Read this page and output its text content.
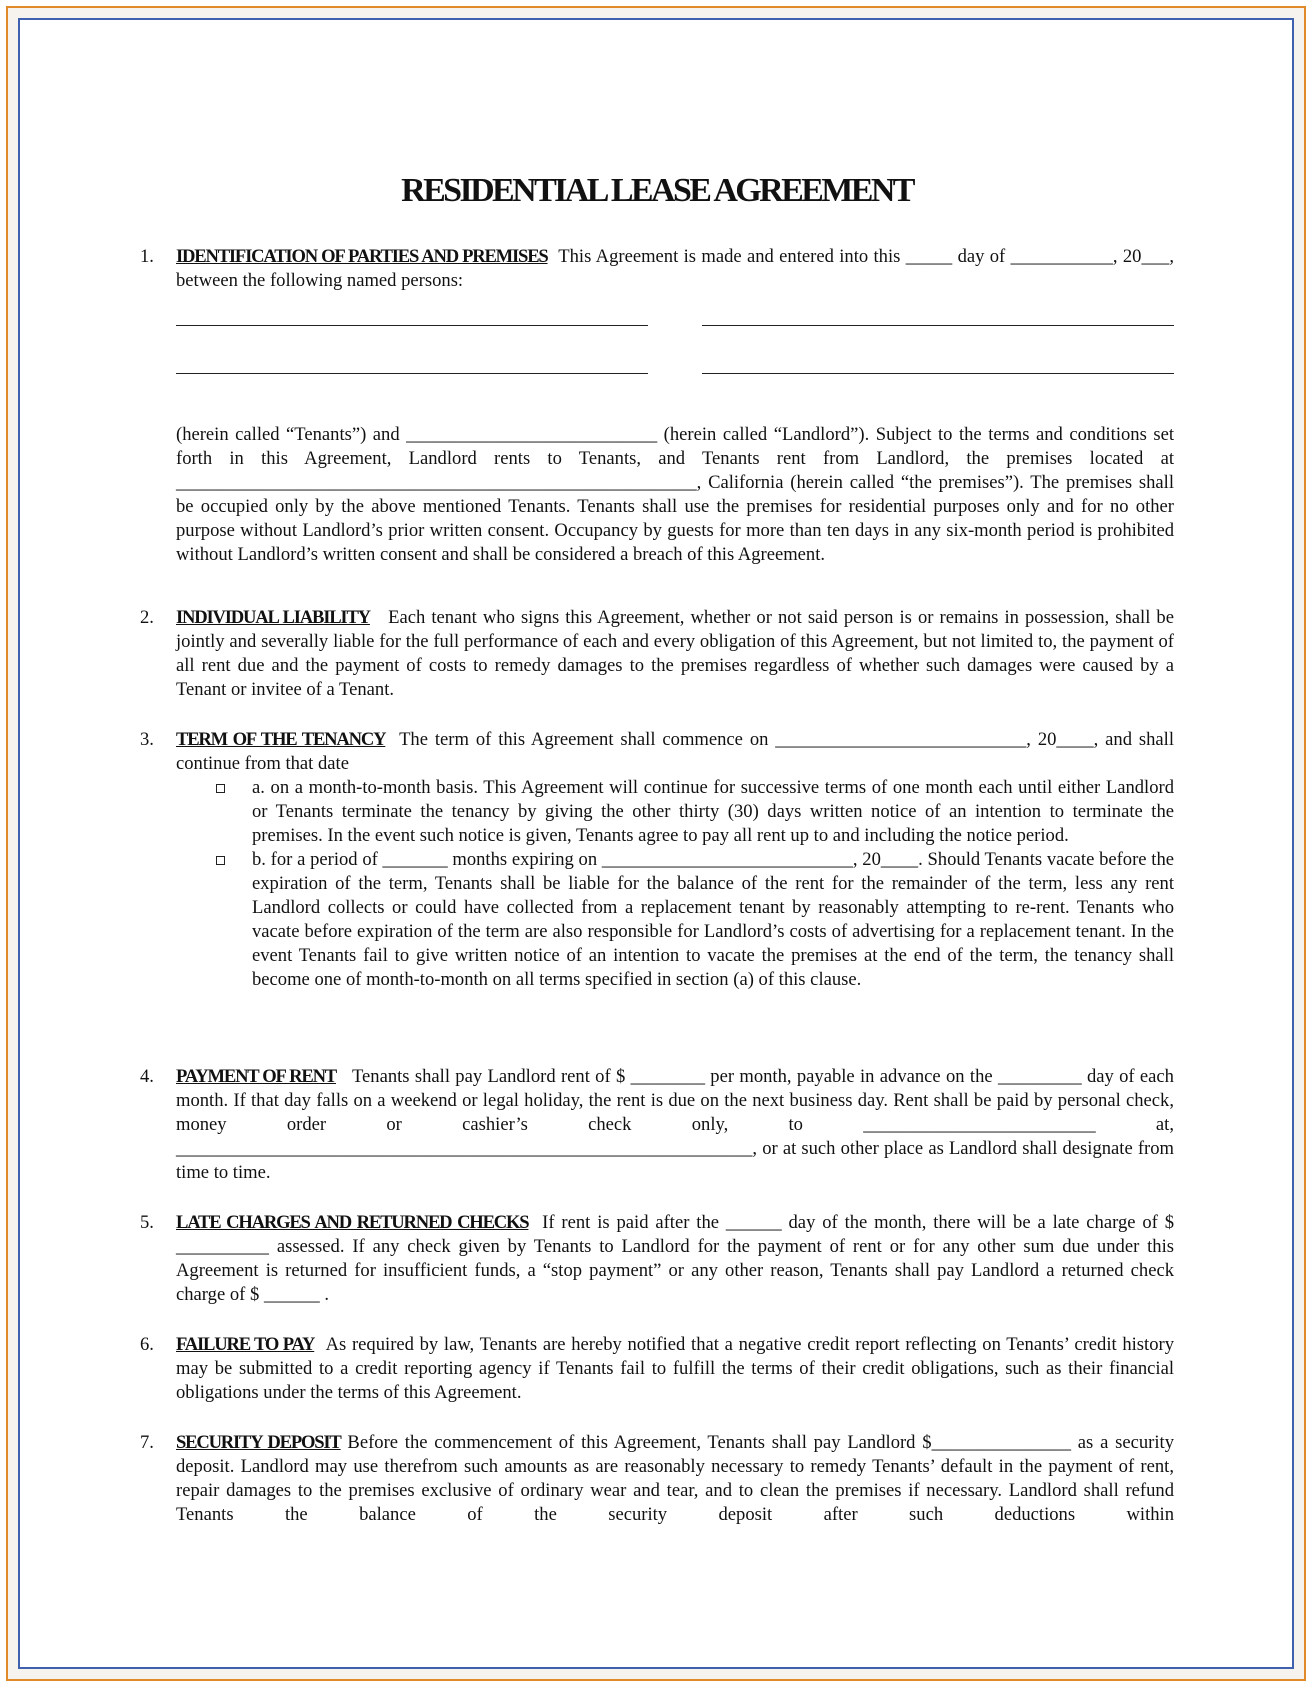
RESIDENTIAL LEASE AGREEMENT
1. IDENTIFICATION OF PARTIES AND PREMISES This Agreement is made and entered into this _____ day of ___________, 20___, between the following named persons:

(herein called “Tenants”) and ___________________________ (herein called “Landlord”). Subject to the terms and conditions set forth in this Agreement, Landlord rents to Tenants, and Tenants rent from Landlord, the premises located at ________________________________________________________, California (herein called “the premises”). The premises shall be occupied only by the above mentioned Tenants. Tenants shall use the premises for residential purposes only and for no other purpose without Landlord’s prior written consent. Occupancy by guests for more than ten days in any six-month period is prohibited without Landlord’s written consent and shall be considered a breach of this Agreement.

2. INDIVIDUAL LIABILITY Each tenant who signs this Agreement, whether or not said person is or remains in possession, shall be jointly and severally liable for the full performance of each and every obligation of this Agreement, but not limited to, the payment of all rent due and the payment of costs to remedy damages to the premises regardless of whether such damages were caused by a Tenant or invitee of a Tenant.

3. TERM OF THE TENANCY The term of this Agreement shall commence on ___________________________, 20____, and shall continue from that date

a. on a month-to-month basis. This Agreement will continue for successive terms of one month each until either Landlord or Tenants terminate the tenancy by giving the other thirty (30) days written notice of an intention to terminate the premises. In the event such notice is given, Tenants agree to pay all rent up to and including the notice period.

b. for a period of _______ months expiring on ___________________________, 20____. Should Tenants vacate before the expiration of the term, Tenants shall be liable for the balance of the rent for the remainder of the term, less any rent Landlord collects or could have collected from a replacement tenant by reasonably attempting to re-rent. Tenants who vacate before expiration of the term are also responsible for Landlord’s costs of advertising for a replacement tenant. In the event Tenants fail to give written notice of an intention to vacate the premises at the end of the term, the tenancy shall become one of month-to-month on all terms specified in section (a) of this clause.

4. PAYMENT OF RENT Tenants shall pay Landlord rent of $ ________ per month, payable in advance on the _________ day of each month. If that day falls on a weekend or legal holiday, the rent is due on the next business day. Rent shall be paid by personal check, money order or cashier’s check only, to _________________________ at, ______________________________________________________________, or at such other place as Landlord shall designate from time to time.

5. LATE CHARGES AND RETURNED CHECKS If rent is paid after the ______ day of the month, there will be a late charge of $ __________ assessed. If any check given by Tenants to Landlord for the payment of rent or for any other sum due under this Agreement is returned for insufficient funds, a “stop payment” or any other reason, Tenants shall pay Landlord a returned check charge of $ ______ .

6. FAILURE TO PAY As required by law, Tenants are hereby notified that a negative credit report reflecting on Tenants’ credit history may be submitted to a credit reporting agency if Tenants fail to fulfill the terms of their credit obligations, such as their financial obligations under the terms of this Agreement.

7. SECURITY DEPOSIT Before the commencement of this Agreement, Tenants shall pay Landlord $_______________ as a security deposit. Landlord may use therefrom such amounts as are reasonably necessary to remedy Tenants’ default in the payment of rent, repair damages to the premises exclusive of ordinary wear and tear, and to clean the premises if necessary. Landlord shall refund Tenants the balance of the security deposit after such deductions within
